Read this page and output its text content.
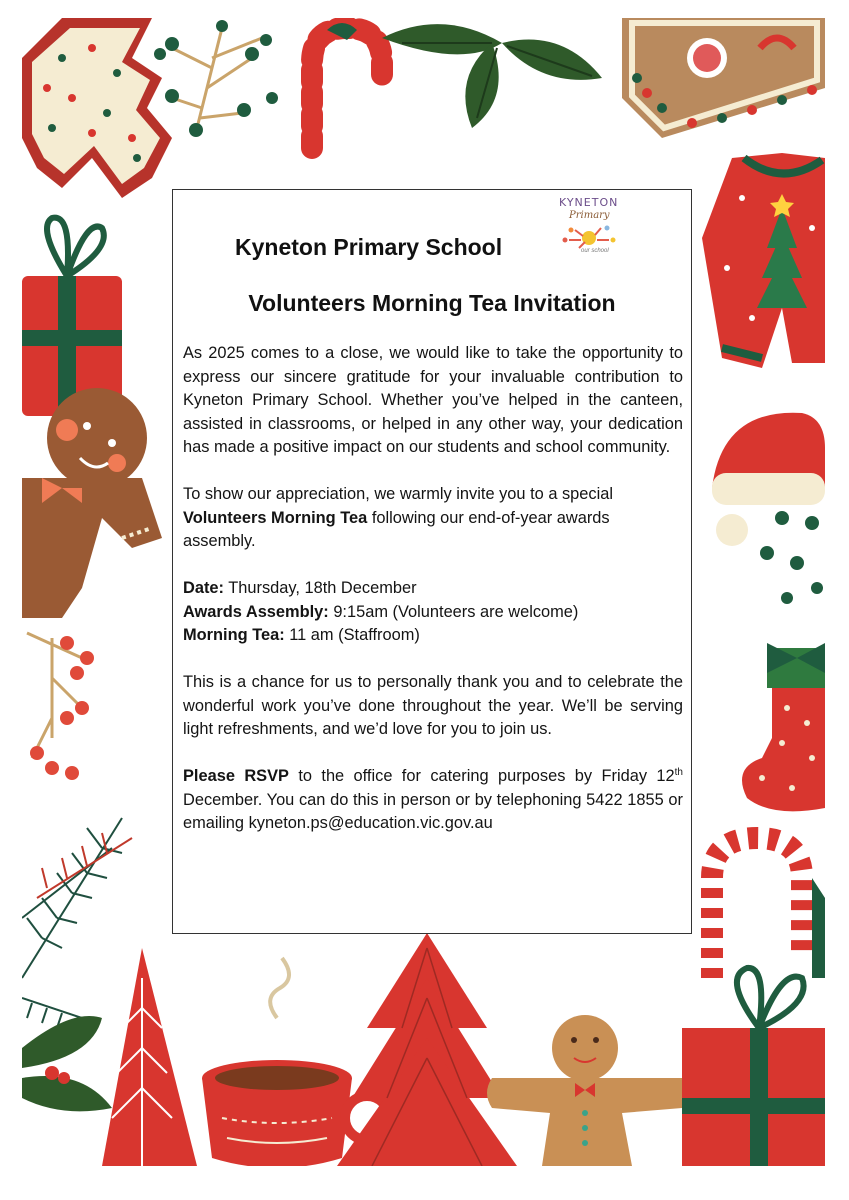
Kyneton Primary School
KYNETON
Primary
our school
Volunteers Morning Tea Invitation

As 2025 comes to a close, we would like to take the opportunity to express our sincere gratitude for your invaluable contribution to Kyneton Primary School. Whether you’ve helped in the canteen, assisted in classrooms, or helped in any other way, your dedication has made a positive impact on our students and school community.

To show our appreciation, we warmly invite you to a special Volunteers Morning Tea following our end-of-year awards assembly.

Date: Thursday, 18th December

Awards Assembly: 9:15am (Volunteers are welcome)

Morning Tea: 11 am (Staffroom)

This is a chance for us to personally thank you and to celebrate the wonderful work you’ve done throughout the year. We’ll be serving light refreshments, and we’d love for you to join us.

Please RSVP to the office for catering purposes by Friday 12th December. You can do this in person or by telephoning 5422 1855 or emailing kyneton.ps@education.vic.gov.au
